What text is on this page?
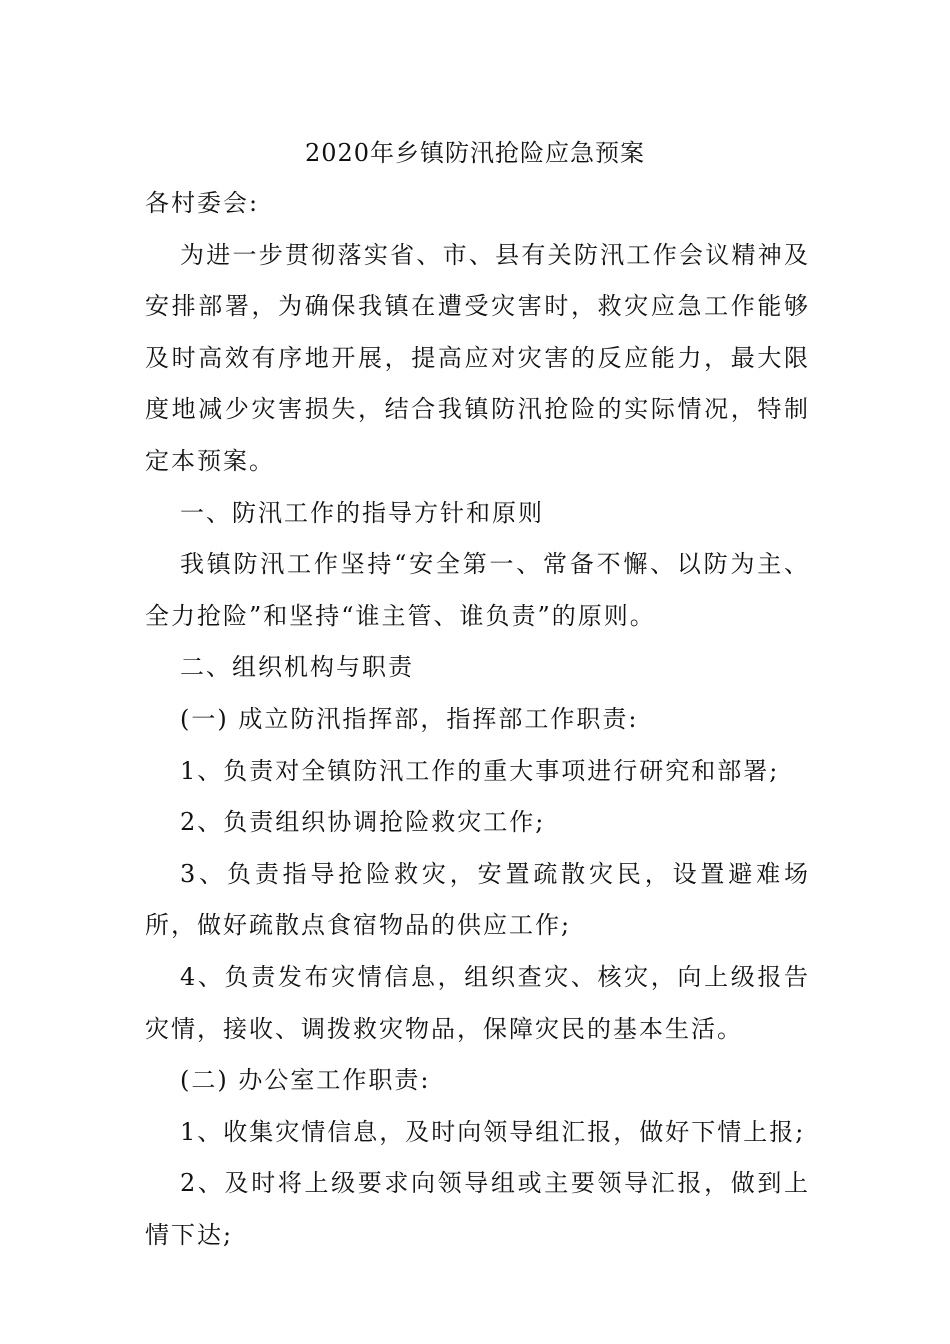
2020年乡镇防汛抢险应急预案

各村委会:

为进一步贯彻落实省、市、县有关防汛工作会议精神及安排部署，为确保我镇在遭受灾害时，救灾应急工作能够及时高效有序地开展，提高应对灾害的反应能力，最大限度地减少灾害损失，结合我镇防汛抢险的实际情况，特制定本预案。

一、防汛工作的指导方针和原则

我镇防汛工作坚持“安全第一、常备不懈、以防为主、全力抢险”和坚持“谁主管、谁负责”的原则。

二、组织机构与职责

(一) 成立防汛指挥部，指挥部工作职责:

1、负责对全镇防汛工作的重大事项进行研究和部署;

2、负责组织协调抢险救灾工作;

3、负责指导抢险救灾，安置疏散灾民，设置避难场所，做好疏散点食宿物品的供应工作;

4、负责发布灾情信息，组织查灾、核灾，向上级报告灾情，接收、调拨救灾物品，保障灾民的基本生活。

(二) 办公室工作职责:

1、收集灾情信息，及时向领导组汇报，做好下情上报;

2、及时将上级要求向领导组或主要领导汇报，做到上情下达;
